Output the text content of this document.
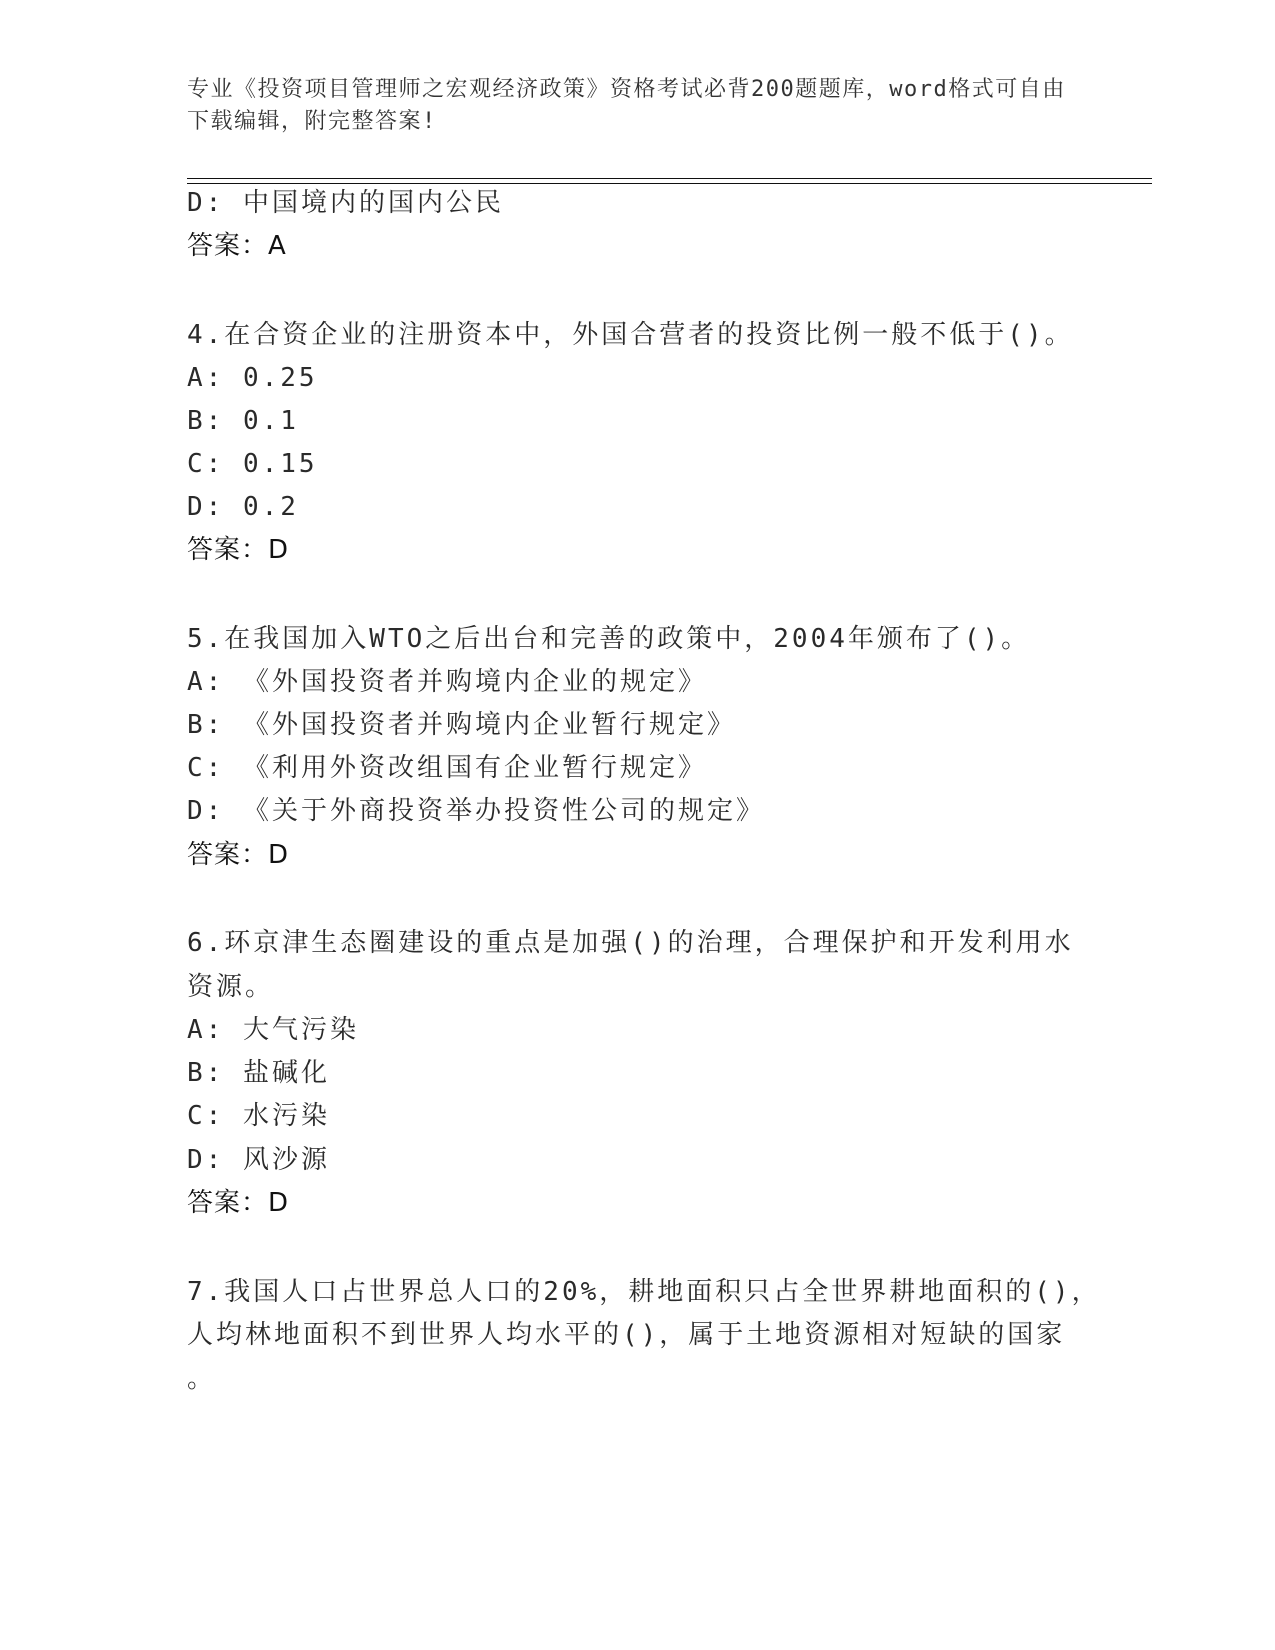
专业《投资项目管理师之宏观经济政策》资格考试必背200题题库，word格式可自由下载编辑，附完整答案!
D: 中国境内的国内公民
答案：A
4.在合资企业的注册资本中，外国合营者的投资比例一般不低于()。
A: 0.25
B: 0.1
C: 0.15
D: 0.2
答案：D
5.在我国加入WTO之后出台和完善的政策中，2004年颁布了()。
A: 《外国投资者并购境内企业的规定》
B: 《外国投资者并购境内企业暂行规定》
C: 《利用外资改组国有企业暂行规定》
D: 《关于外商投资举办投资性公司的规定》
答案：D
6.环京津生态圈建设的重点是加强()的治理，合理保护和开发利用水
资源。
A: 大气污染
B: 盐碱化
C: 水污染
D: 风沙源
答案：D
7.我国人口占世界总人口的20%，耕地面积只占全世界耕地面积的()，
人均林地面积不到世界人均水平的()，属于土地资源相对短缺的国家
。
